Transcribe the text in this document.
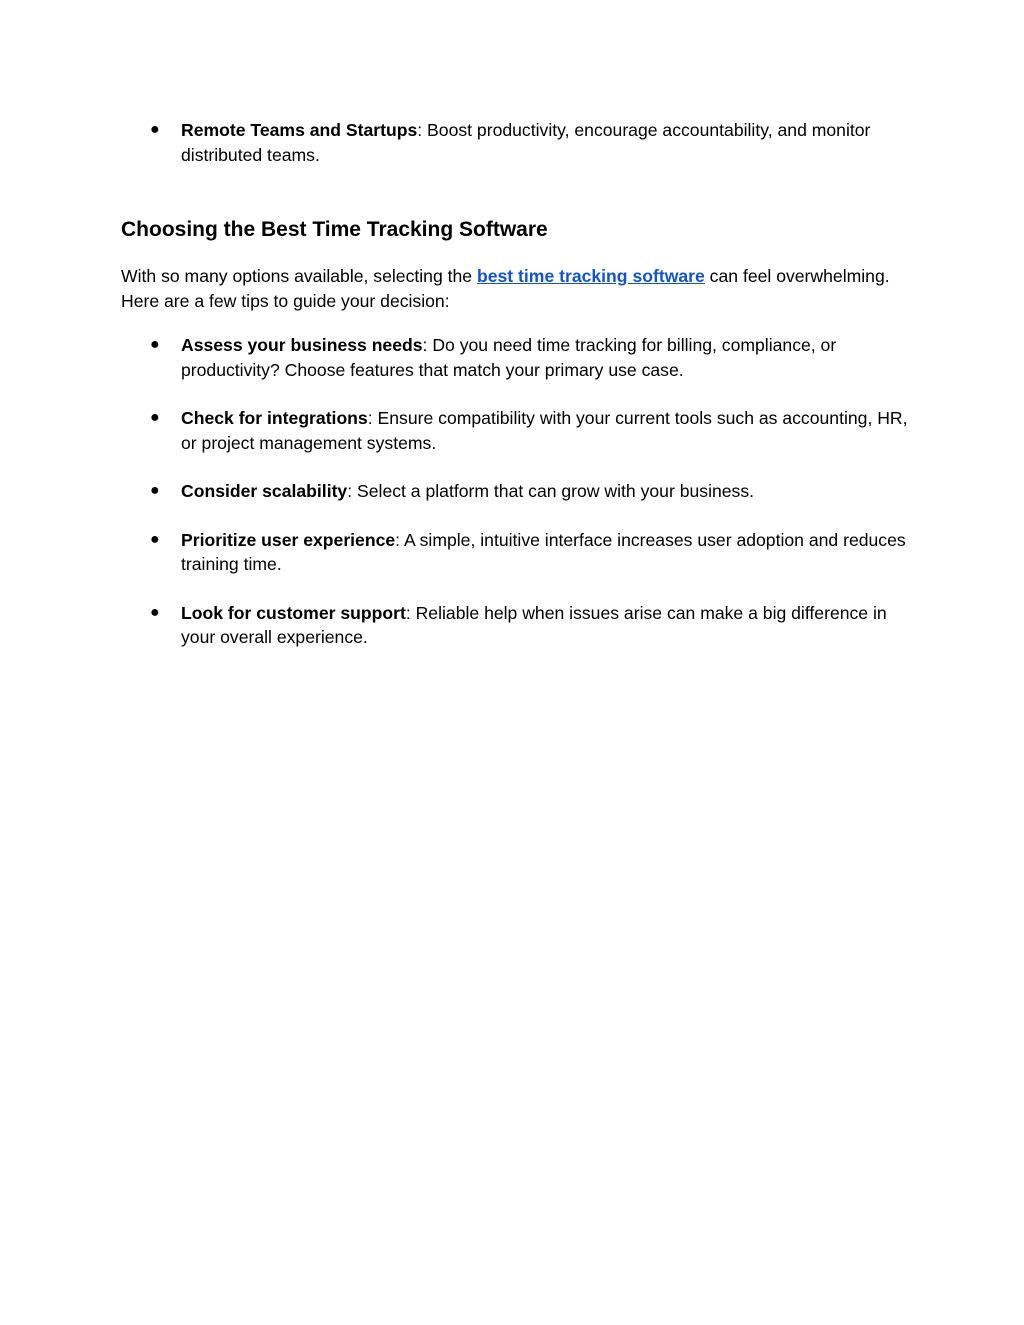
● Remote Teams and Startups: Boost productivity, encourage accountability, and monitor distributed teams.
Choosing the Best Time Tracking Software

With so many options available, selecting the best time tracking software can feel overwhelming. Here are a few tips to guide your decision:

● Assess your business needs: Do you need time tracking for billing, compliance, or productivity? Choose features that match your primary use case.
● Check for integrations: Ensure compatibility with your current tools such as accounting, HR, or project management systems.
● Consider scalability: Select a platform that can grow with your business.
● Prioritize user experience: A simple, intuitive interface increases user adoption and reduces training time.
● Look for customer support: Reliable help when issues arise can make a big difference in your overall experience.
